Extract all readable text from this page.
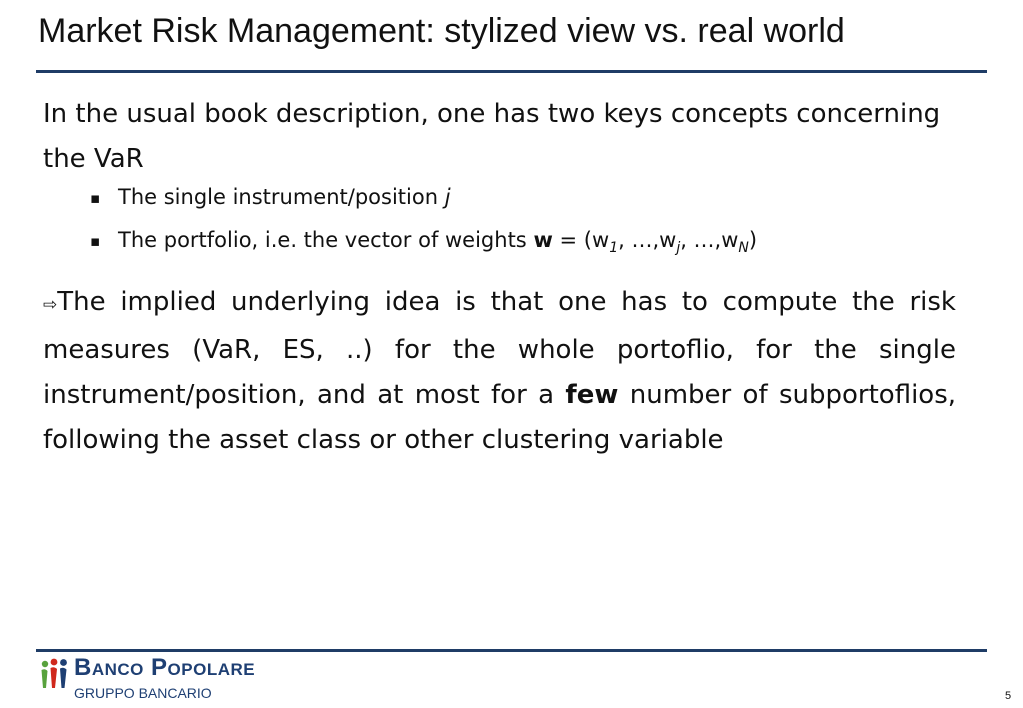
Market Risk Management: stylized view vs. real world

In the usual book description, one has two keys concepts concerning the VaR

▪ The single instrument/position j
▪ The portfolio, i.e. the vector of weights $w = (w_1$, $\dots,w_j$, $\dots,w_N$)

⇨The implied underlying idea is that one has to compute the risk measures (VaR, ES, ..) for the whole portoflio, for the single instrument/position, and at most for a few number of subportoflios, following the asset class or other clustering variable

Banco Popolare
GRUPPO BANCARIO	5
